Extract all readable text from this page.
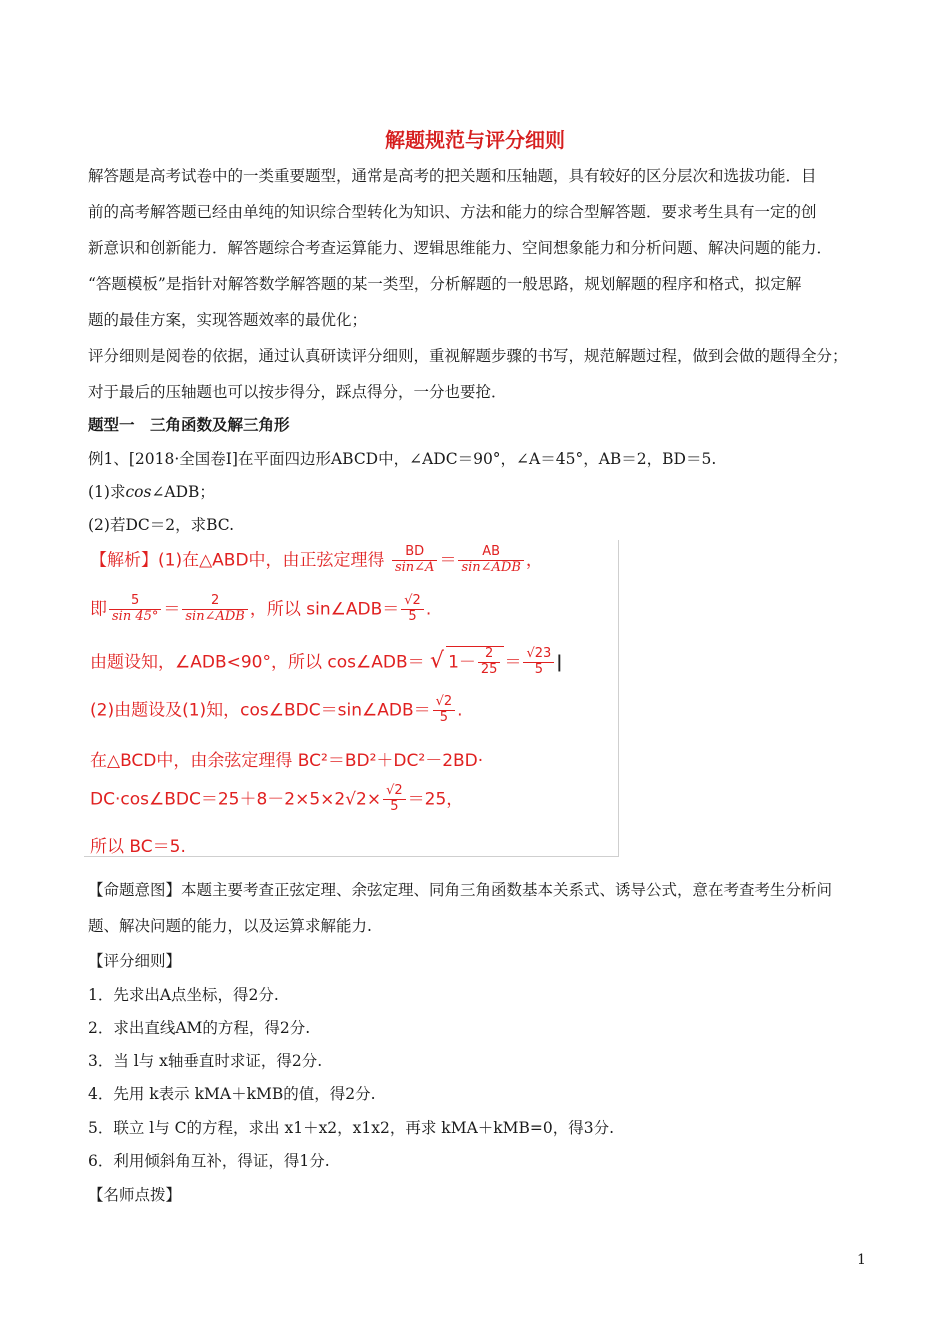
解题规范与评分细则
解答题是高考试卷中的一类重要题型，通常是高考的把关题和压轴题，具有较好的区分层次和选拔功能．目
前的高考解答题已经由单纯的知识综合型转化为知识、方法和能力的综合型解答题．要求考生具有一定的创
新意识和创新能力．解答题综合考查运算能力、逻辑思维能力、空间想象能力和分析问题、解决问题的能力．
“答题模板”是指针对解答数学解答题的某一类型，分析解题的一般思路，规划解题的程序和格式，拟定解
题的最佳方案，实现答题效率的最优化；
评分细则是阅卷的依据，通过认真研读评分细则，重视解题步骤的书写，规范解题过程，做到会做的题得全分；
对于最后的压轴题也可以按步得分，踩点得分，一分也要抢．
题型一　三角函数及解三角形
例1、[2018·全国卷Ⅰ]在平面四边形ABCD中，∠ADC＝90°，∠A＝45°，AB＝2，BD＝5.
(1)求cos∠ADB；
(2)若DC＝2，求BC.
【解析】(1)在△ABD中，由正弦定理得 $\frac{BD}{\sin\angle A} = \frac{AB}{\text{sin∠ADB}}$ ，
即 $\frac{5}{\sin 45^\circ} = \frac{2}{\text{sin∠ADB}}$ ，所以 sin∠ADB＝ $\frac{√2}{5}$ .
由题设知，∠ADB<90°，所以 cos∠ADB＝ √ $1- \frac{2}{25} = \frac{√23}{5}$ |
(2)由题设及(1)知，cos∠BDC＝sin∠ADB＝ $\frac{√2}{5}$ .
在△BCD中，由余弦定理得 BC²＝BD²＋DC²－2BD·
DC·cos∠BDC＝25＋8－2×5×2√2× $\frac{√2}{5} =25$，
所以 BC＝5.
【命题意图】本题主要考查正弦定理、余弦定理、同角三角函数基本关系式、诱导公式，意在考查考生分析问
题、解决问题的能力，以及运算求解能力.
【评分细则】
1．先求出A点坐标，得2分.
2．求出直线AM的方程，得2分.
3．当 l与 x轴垂直时求证，得2分.
4．先用 k表示 kMA＋kMB的值，得2分.
5．联立 l与 C的方程，求出 x1＋x2，x1x2，再求 kMA＋kMB=0，得3分.
6．利用倾斜角互补，得证，得1分.
【名师点拨】
1
